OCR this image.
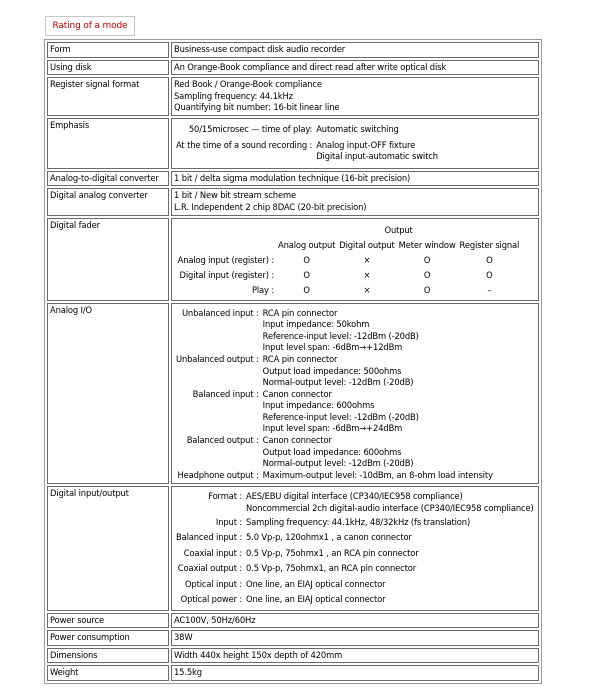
Rating of a mode
Form	Business-use compact disk audio recorder
Using disk	An Orange-Book compliance and direct read after write optical disk
Register signal format	Red Book / Orange-Book compliance
Sampling frequency: 44.1kHz
Quantifying bit number: 16-bit linear line

Emphasis		50/15microsec — time of play:	Automatic switching

At the time of a sound recording :	Analog input-OFF fixture
Digital input-automatic switch

Analog-to-digital converter	1 bit / delta sigma modulation technique (16-bit precision)
Digital analog converter	1 bit / New bit stream scheme
L.R. Independent 2 chip 8DAC (20-bit precision)

Digital fader	
		Output
	Analog output	Digital output	Meter window	Register signal
Analog input (register) :	O	×	O	O
Digital input (register) :	O	×	O	O
Play :	O	×	O	–

Analog I/O		Unbalanced input :	RCA pin connector
Input impedance: 50kohm
Reference-input level: -12dBm (-20dB)
Input level span: -6dBm→+12dBm

Unbalanced output :	RCA pin connector
Output load impedance: 500ohms
Normal-output level: -12dBm (-20dB)

Balanced input :	Canon connector
Input impedance: 600ohms
Reference-input level: -12dBm (-20dB)
Input level span: -6dBm→+24dBm

Balanced output :	Canon connector
Output load impedance: 600ohms
Normal-output level: -12dBm (-20dB)

Headphone output :	Maximum-output level: -10dBm, an 8-ohm load intensity

Digital input/output		Format :	AES/EBU digital interface (CP340/IEC958 compliance)
Noncommercial 2ch digital-audio interface (CP340/IEC958 compliance)

Input :	Sampling frequency: 44.1kHz, 48/32kHz (fs translation)

Balanced input :	5.0 Vp-p, 120ohmx1 , a canon connector

Coaxial input :	0.5 Vp-p, 75ohmx1 , an RCA pin connector

Coaxial output :	0.5 Vp-p, 75ohmx1, an RCA pin connector

Optical input :	One line, an EIAJ optical connector

Optical power :	One line, an EIAJ optical connector

Power source	AC100V, 50Hz/60Hz
Power consumption	38W
Dimensions	Width 440x height 150x depth of 420mm
Weight	15.5kg
